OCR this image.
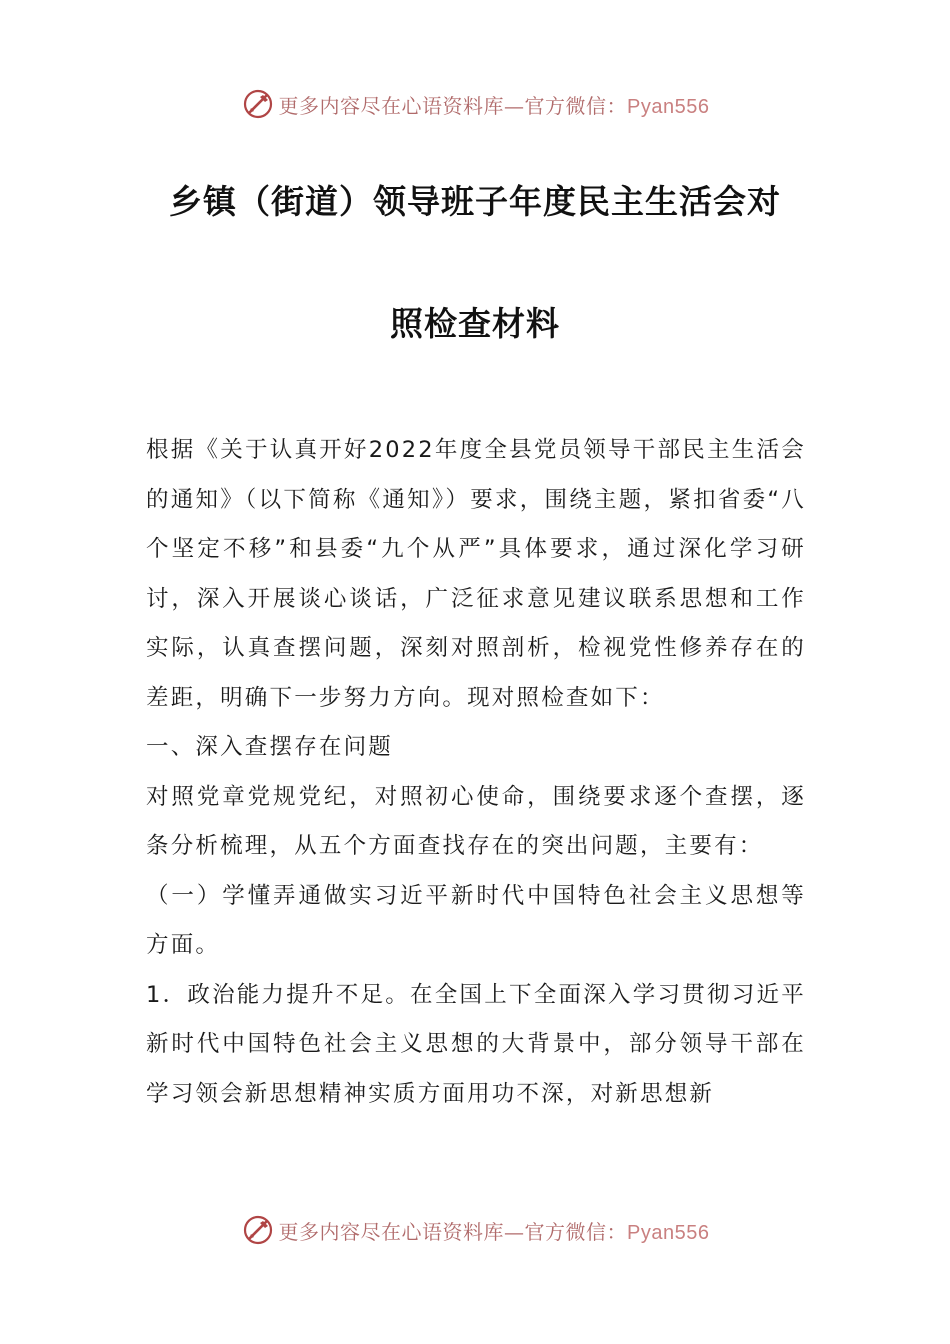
更多内容尽在心语资料库—官方微信：Pyan556
乡镇（街道）领导班子年度民主生活会对
照检查材料

根据《关于认真开好2022年度全县党员领导干部民主生活会的通知》（以下简称《通知》）要求，围绕主题，紧扣省委“八个坚定不移”和县委“九个从严”具体要求，通过深化学习研讨，深入开展谈心谈话，广泛征求意见建议联系思想和工作实际，认真查摆问题，深刻对照剖析，检视党性修养存在的差距，明确下一步努力方向。现对照检查如下：

一、深入查摆存在问题

对照党章党规党纪，对照初心使命，围绕要求逐个查摆，逐条分析梳理，从五个方面查找存在的突出问题，主要有：

（一）学懂弄通做实习近平新时代中国特色社会主义思想等方面。

1．政治能力提升不足。在全国上下全面深入学习贯彻习近平新时代中国特色社会主义思想的大背景中，部分领导干部在学习领会新思想精神实质方面用功不深，对新思想新

更多内容尽在心语资料库—官方微信：Pyan556
